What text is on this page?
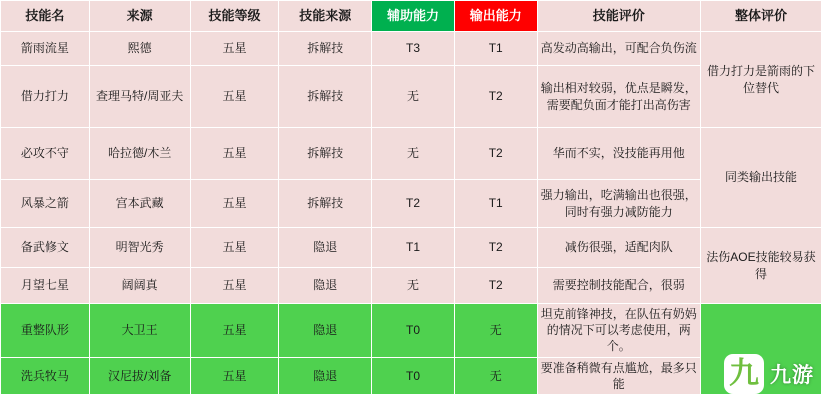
技能名	来源	技能等级	技能来源	辅助能力	输出能力	技能评价	整体评价
箭雨流星	熙德	五星	拆解技	T3	T1	高发动高输出，可配合负伤流	借力打力是箭雨的下位替代
借力打力	查理马特/周亚夫	五星	拆解技	无	T2	输出相对较弱，优点是瞬发，需要配负面才能打出高伤害	
必攻不守	哈拉德/木兰	五星	拆解技	无	T2	华而不实，没技能再用他	同类输出技能
风暴之箭	宫本武藏	五星	拆解技	T2	T1	强力输出，吃满输出也很强，同时有强力减防能力	
备武修文	明智光秀	五星	隐退	T1	T2	减伤很强，适配肉队	法伤AOE技能较易获得
月望七星	阔阔真	五星	隐退	无	T2	需要控制技能配合，很弱	
重整队形	大卫王	五星	隐退	T0	无	坦克前锋神技，在队伍有奶妈的情况下可以考虑使用，两个。	
洗兵牧马	汉尼拔/刘备	五星	隐退	T0	无	要准备稍微有点尴尬，最多只能		九 九游
